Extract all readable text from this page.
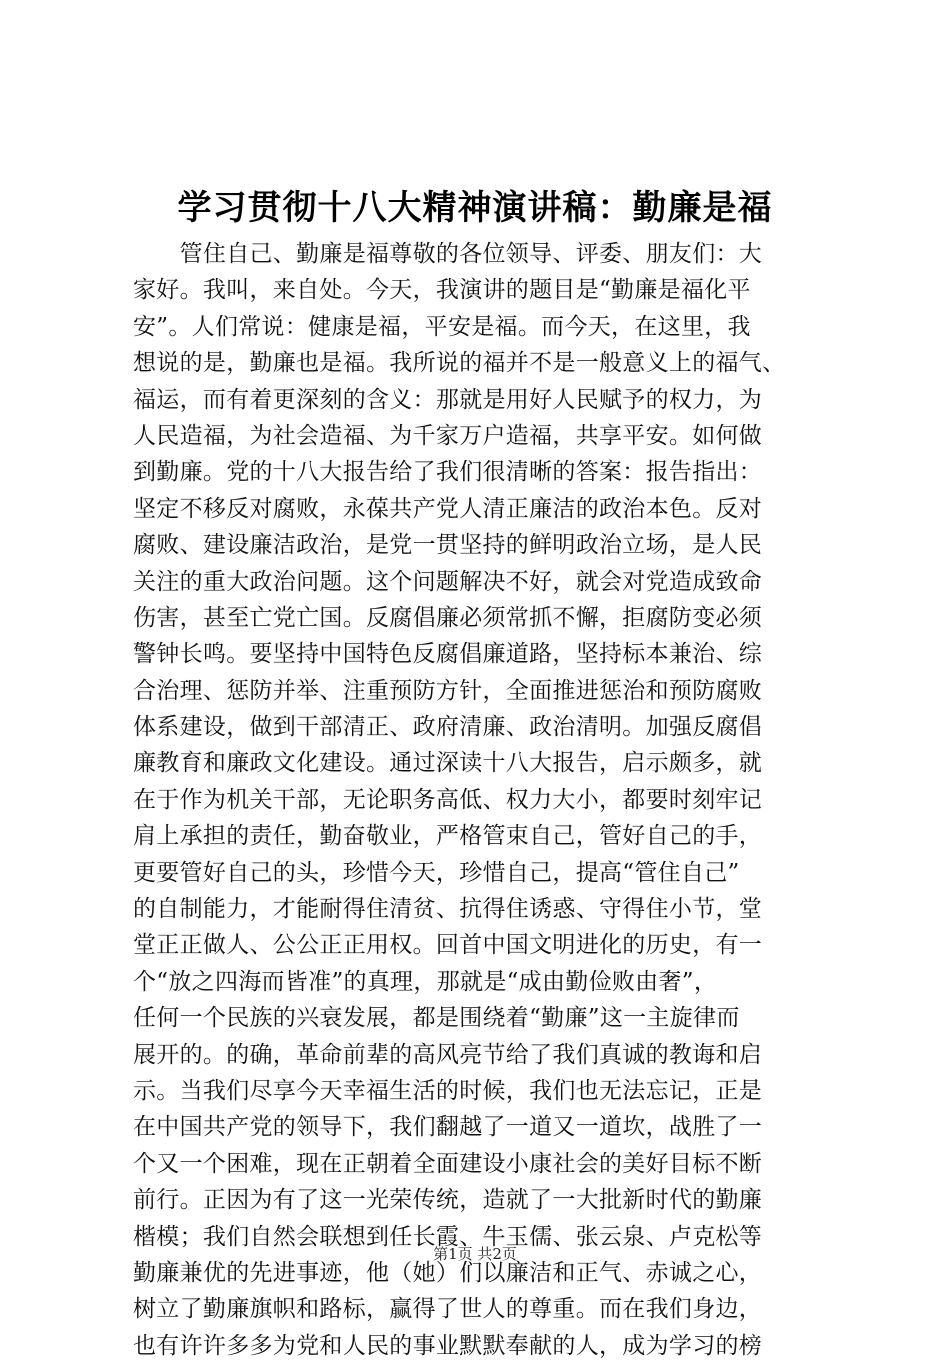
学习贯彻十八大精神演讲稿：勤廉是福
　　管住自己、勤廉是福尊敬的各位领导、评委、朋友们：大
家好。我叫，来自处。今天，我演讲的题目是“勤廉是福化平
安”。人们常说：健康是福，平安是福。而今天，在这里，我
想说的是，勤廉也是福。我所说的福并不是一般意义上的福气、
福运，而有着更深刻的含义：那就是用好人民赋予的权力，为
人民造福，为社会造福、为千家万户造福，共享平安。如何做
到勤廉。党的十八大报告给了我们很清晰的答案：报告指出：
坚定不移反对腐败，永葆共产党人清正廉洁的政治本色。反对
腐败、建设廉洁政治，是党一贯坚持的鲜明政治立场，是人民
关注的重大政治问题。这个问题解决不好，就会对党造成致命
伤害，甚至亡党亡国。反腐倡廉必须常抓不懈，拒腐防变必须
警钟长鸣。要坚持中国特色反腐倡廉道路，坚持标本兼治、综
合治理、惩防并举、注重预防方针，全面推进惩治和预防腐败
体系建设，做到干部清正、政府清廉、政治清明。加强反腐倡
廉教育和廉政文化建设。通过深读十八大报告，启示颇多，就
在于作为机关干部，无论职务高低、权力大小，都要时刻牢记
肩上承担的责任，勤奋敬业，严格管束自己，管好自己的手，
更要管好自己的头，珍惜今天，珍惜自己，提高“管住自己”
的自制能力，才能耐得住清贫、抗得住诱惑、守得住小节，堂
堂正正做人、公公正正用权。回首中国文明进化的历史，有一
个“放之四海而皆准”的真理，那就是“成由勤俭败由奢”，
任何一个民族的兴衰发展，都是围绕着“勤廉”这一主旋律而
展开的。的确，革命前辈的高风亮节给了我们真诚的教诲和启
示。当我们尽享今天幸福生活的时候，我们也无法忘记，正是
在中国共产党的领导下，我们翻越了一道又一道坎，战胜了一
个又一个困难，现在正朝着全面建设小康社会的美好目标不断
前行。正因为有了这一光荣传统，造就了一大批新时代的勤廉
楷模；我们自然会联想到任长霞、牛玉儒、张云泉、卢克松等
勤廉兼优的先进事迹，他（她）们以廉洁和正气、赤诚之心，
树立了勤廉旗帜和路标，赢得了世人的尊重。而在我们身边，
也有许许多多为党和人民的事业默默奉献的人，成为学习的榜
第1页 共2页
